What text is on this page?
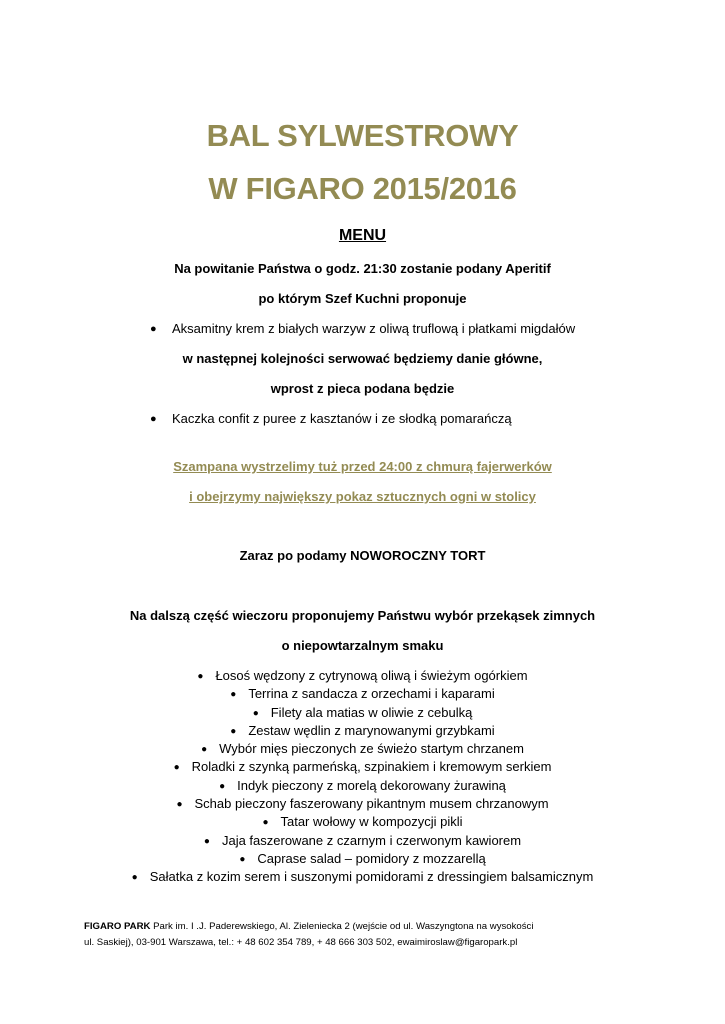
BAL SYLWESTROWY
W FIGARO 2015/2016
MENU
Na powitanie Państwa o godz. 21:30 zostanie podany Aperitif
po którym Szef Kuchni proponuje
● Aksamitny krem z białych warzyw z oliwą truflową i płatkami migdałów
w następnej kolejności serwować będziemy danie główne,
wprost z pieca podana będzie
● Kaczka confit z puree z kasztanów i ze słodką pomarańczą
Szampana wystrzelimy tuż przed 24:00 z chmurą fajerwerków
i obejrzymy największy pokaz sztucznych ogni w stolicy
Zaraz po podamy NOWOROCZNY TORT
Na dalszą część wieczoru proponujemy Państwu wybór przekąsek zimnych
o niepowtarzalnym smaku
● Łosoś wędzony z cytrynową oliwą i świeżym ogórkiem
● Terrina z sandacza z orzechami i kaparami
● Filety ala matias w oliwie z cebulką
● Zestaw wędlin z marynowanymi grzybkami
● Wybór mięs pieczonych ze świeżo startym chrzanem
● Roladki z szynką parmeńską, szpinakiem i kremowym serkiem
● Indyk pieczony z morelą dekorowany żurawiną
● Schab pieczony faszerowany pikantnym musem chrzanowym
● Tatar wołowy w kompozycji pikli
● Jaja faszerowane z czarnym i czerwonym kawiorem
● Caprase salad – pomidory z mozzarellą
● Sałatka z kozim serem i suszonymi pomidorami z dressingiem balsamicznym
FIGARO PARK Park im. I .J. Paderewskiego, Al. Zieleniecka 2 (wejście od ul. Waszyngtona na wysokości
ul. Saskiej), 03-901 Warszawa, tel.: + 48 602 354 789, + 48 666 303 502, ewaimiroslaw@figaropark.pl
